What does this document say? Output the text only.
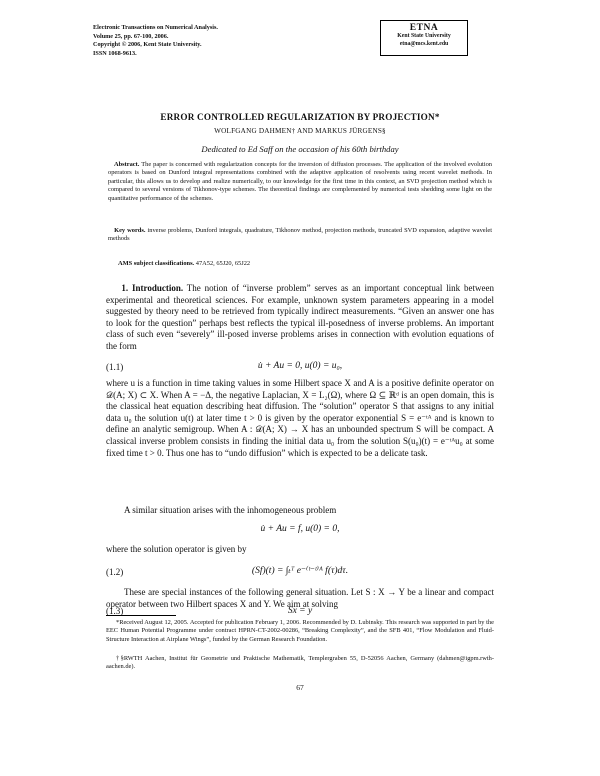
Electronic Transactions on Numerical Analysis.
Volume 25, pp. 67-100, 2006.
Copyright © 2006, Kent State University.
ISSN 1068-9613.
ETNA
Kent State University
etna@mcs.kent.edu
ERROR CONTROLLED REGULARIZATION BY PROJECTION*
WOLFGANG DAHMEN† AND MARKUS JÜRGENS§
Dedicated to Ed Saff on the occasion of his 60th birthday
Abstract. The paper is concerned with regularization concepts for the inversion of diffusion processes. The application of the involved evolution operators is based on Dunford integral representations combined with the adaptive application of resolvents using recent wavelet methods. In particular, this allows us to develop and realize numerically, to our knowledge for the first time in this context, an SVD projection method which is compared to several versions of Tikhonov-type schemes. The theoretical findings are complemented by numerical tests shedding some light on the quantitative performance of the schemes.
Key words. inverse problems, Dunford integrals, quadrature, Tikhonov method, projection methods, truncated SVD expansion, adaptive wavelet methods
AMS subject classifications. 47A52, 65J20, 65J22
1. Introduction. The notion of “inverse problem” serves as an important conceptual link between experimental and theoretical sciences. For example, unknown system parameters appearing in a model suggested by theory need to be retrieved from typically indirect measurements. “Given an answer one has to look for the question” perhaps best reflects the typical ill-posedness of inverse problems. An important class of such even “severely” ill-posed inverse problems arises in connection with evolution equations of the form
(1.1)	u̇ + Au = 0, u(0) = u₀,
where u is a function in time taking values in some Hilbert space X and A is a positive definite operator on 𝒟(A; X) ⊂ X. When A = −Δ, the negative Laplacian, X = L₂(Ω), where Ω ⊆ ℝᵈ is an open domain, this is the classical heat equation describing heat diffusion. The “solution” operator S that assigns to any initial data u₀ the solution u(t) at later time t > 0 is given by the operator exponential S = e⁻ᵗᴬ and is known to define an analytic semigroup. When A : 𝒟(A; X) → X has an unbounded spectrum S will be compact. A classical inverse problem consists in finding the initial data u₀ from the solution S(u₀)(t) = e⁻ᵗᴬu₀ at some fixed time t > 0. Thus one has to “undo diffusion” which is expected to be a delicate task.
A similar situation arises with the inhomogeneous problem
u̇ + Au = f, u(0) = 0,
where the solution operator is given by
(1.2)	(Sf)(t) = ∫ₜᵀ e⁻⁽ᵗ⁻ᵗ⁾ᴬ f(τ)dτ.
These are special instances of the following general situation. Let S : X → Y be a linear and compact operator between two Hilbert spaces X and Y. We aim at solving
(1.3)	Sx = y
*Received August 12, 2005. Accepted for publication February 1, 2006. Recommended by D. Lubinsky. This research was supported in part by the EEC Human Potential Programme under contract HPRN-CT-2002-00286, “Breaking Complexity”, and the SFB 401, “Flow Modulation and Fluid-Structure Interaction at Airplane Wings”, funded by the German Research Foundation.
†§RWTH Aachen, Institut für Geometrie und Praktische Mathematik, Templergraben 55, D-52056 Aachen, Germany (dahmen@igpm.rwth-aachen.de).
67
